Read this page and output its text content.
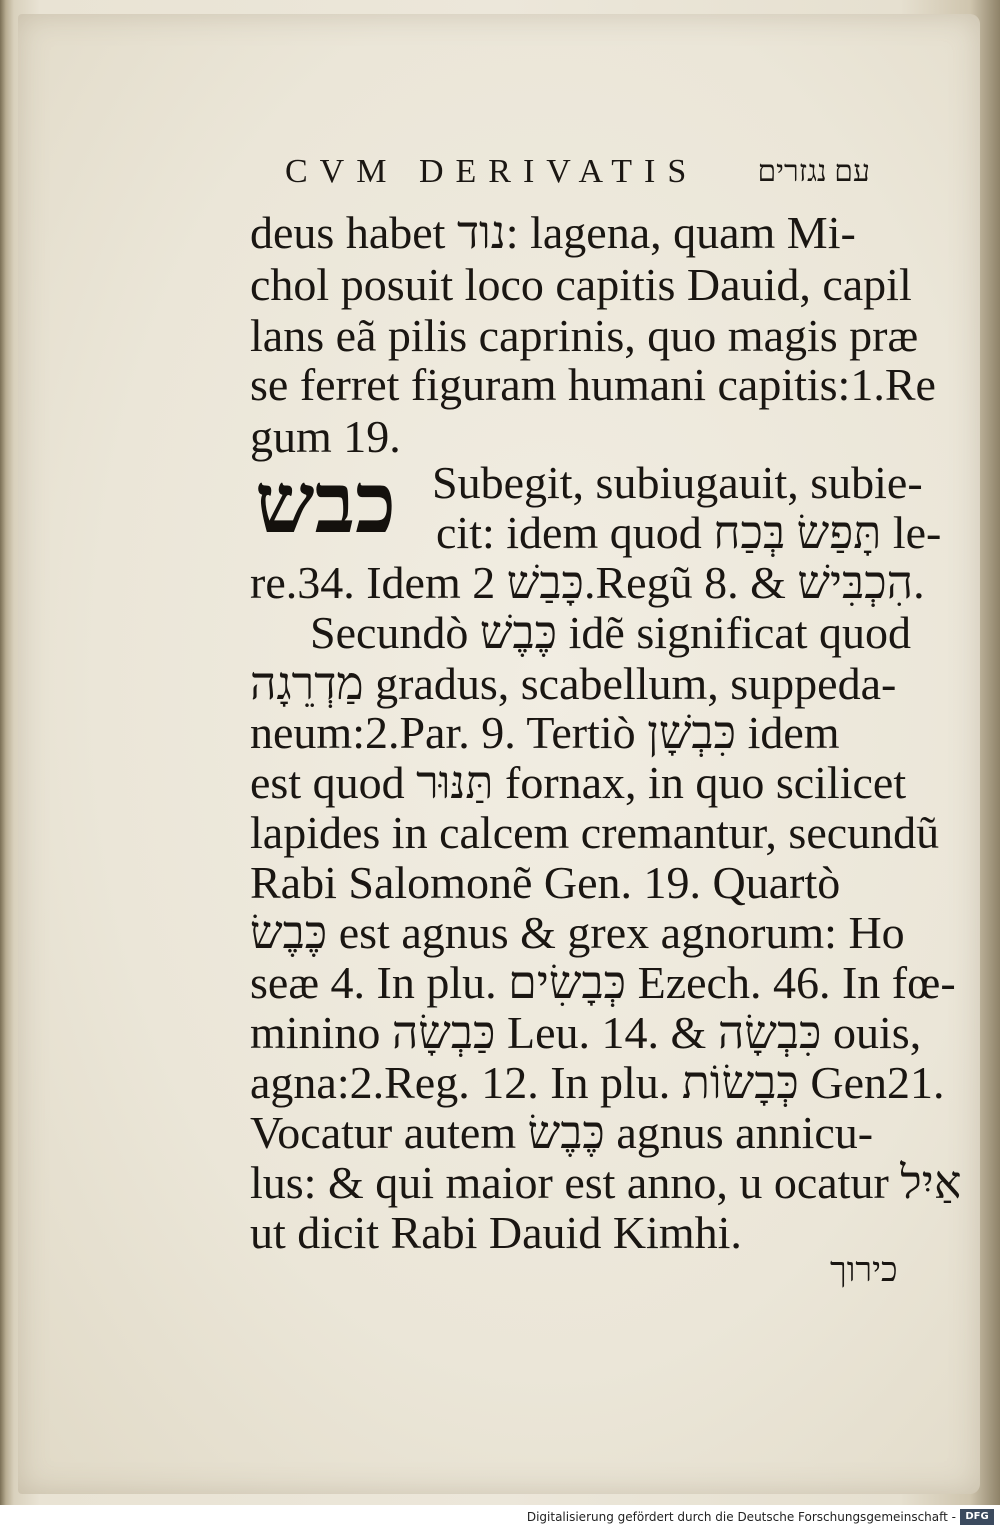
CVM DERIVATIS עם נגזרים
deus habet נוד: lagena, quam Mi-
chol posuit loco capitis Dauid, capil
lans eã pilis caprinis, quo magis præ
se ferret figuram humani capitis:1.Re
gum 19.
כבש Subegit, subiugauit, subie-
cit: idem quod תָּפַשׂ בְּכַח le-
re.34. Idem כָּבַשׁ 2.Regũ 8. & הִכְבִּישׁ.
Secundò כֶּבֶשׁ idẽ significat quod
מַדְרֵגָה gradus, scabellum, suppeda-
neum:2.Par. 9. Tertiò כִּבְשָׁן idem
est quod תַּנּוּר fornax, in quo scilicet
lapides in calcem cremantur, secundũ
Rabi Salomonẽ Gen. 19. Quartò
כֶּבֶשׂ est agnus & grex agnorum: Ho
seæ 4. In plu. כְּבָשִׂים Ezech. 46. In fœ-
minino כַּבְשָׂה Leu. 14. & כִּבְשָׂה ouis,
agna:2.Reg. 12. In plu. כְּבָשׂוֹת Gen21.
Vocatur autem כֶּבֶשׂ agnus annicu-
lus: & qui maior est anno, u ocatur אַיִל
ut dicit Rabi Dauid Kimhi.
כירוך
Digitalisierung gefördert durch die Deutsche Forschungsgemeinschaft - DFG
